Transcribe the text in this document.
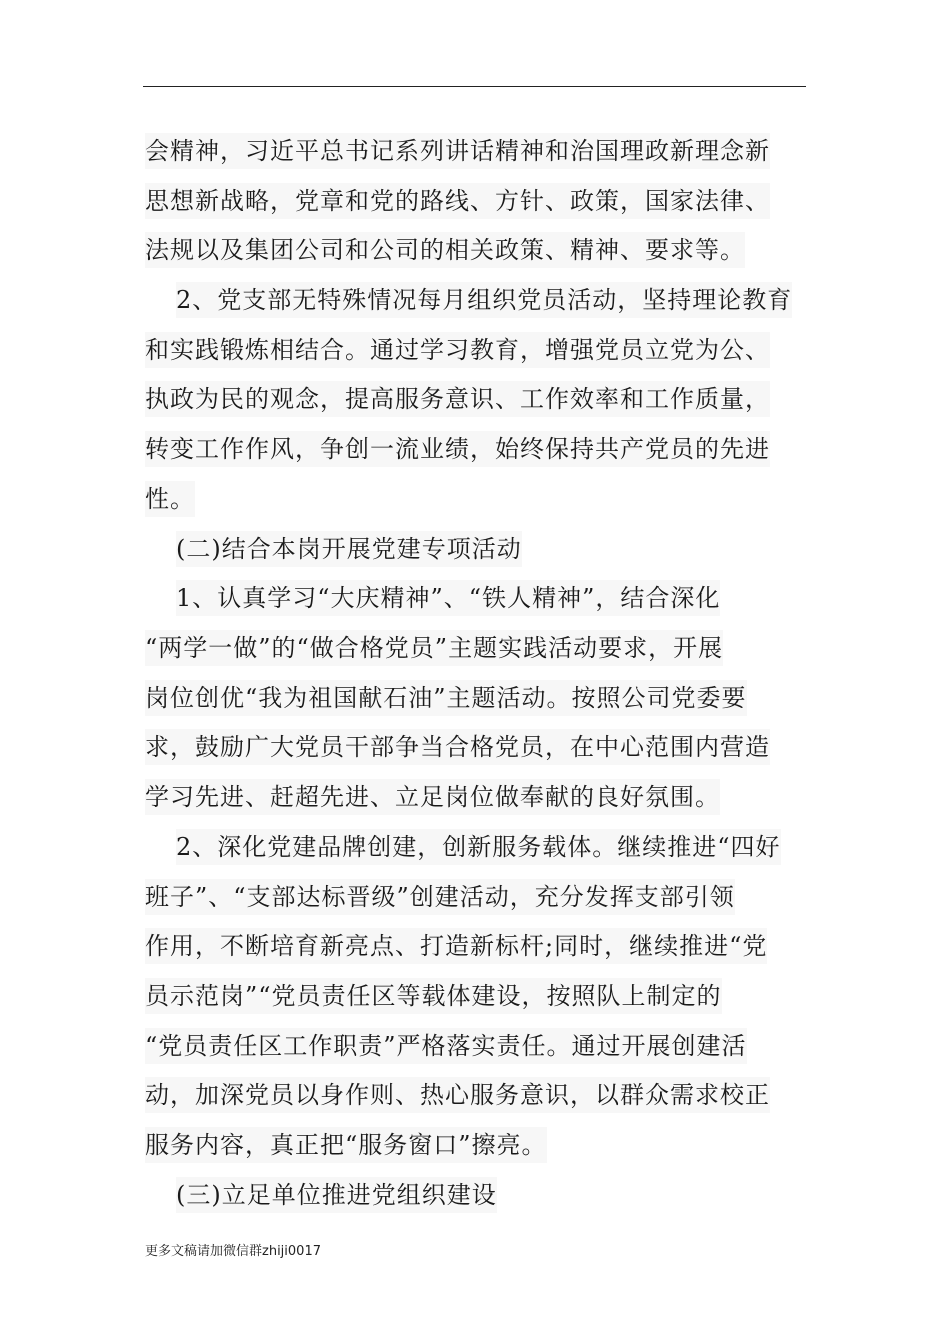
会精神，习近平总书记系列讲话精神和治国理政新理念新
思想新战略，党章和党的路线、方针、政策，国家法律、
法规以及集团公司和公司的相关政策、精神、要求等。
2、党支部无特殊情况每月组织党员活动，坚持理论教育
和实践锻炼相结合。通过学习教育，增强党员立党为公、
执政为民的观念，提高服务意识、工作效率和工作质量，
转变工作作风，争创一流业绩，始终保持共产党员的先进
性。
(二)结合本岗开展党建专项活动
1、认真学习“大庆精神”、“铁人精神”，结合深化
“两学一做”的“做合格党员”主题实践活动要求，开展
岗位创优“我为祖国献石油”主题活动。按照公司党委要
求，鼓励广大党员干部争当合格党员，在中心范围内营造
学习先进、赶超先进、立足岗位做奉献的良好氛围。
2、深化党建品牌创建，创新服务载体。继续推进“四好
班子”、“支部达标晋级”创建活动，充分发挥支部引领
作用，不断培育新亮点、打造新标杆;同时，继续推进“党
员示范岗”“党员责任区等载体建设，按照队上制定的
“党员责任区工作职责”严格落实责任。通过开展创建活
动，加深党员以身作则、热心服务意识，以群众需求校正
服务内容，真正把“服务窗口”擦亮。
(三)立足单位推进党组织建设
更多文稿请加微信群zhiji0017
